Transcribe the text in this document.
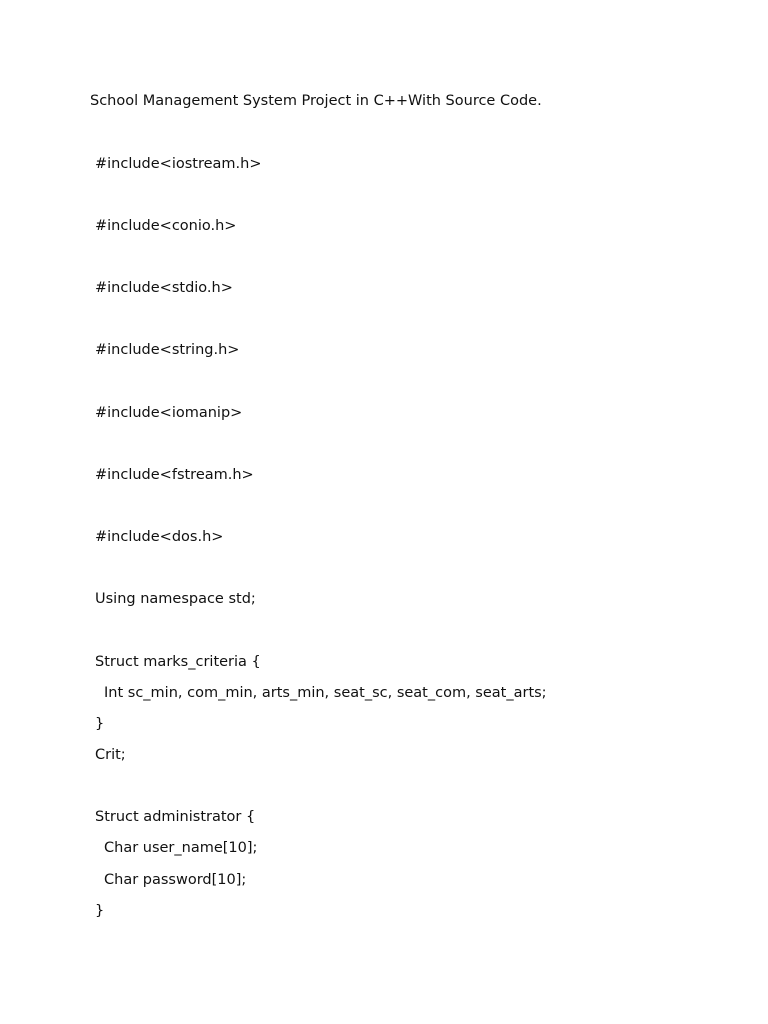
School Management System Project in C++With Source Code.

#include<iostream.h>

#include<conio.h>

#include<stdio.h>

#include<string.h>

#include<iomanip>

#include<fstream.h>

#include<dos.h>

Using namespace std;

Struct marks_criteria {

Int sc_min, com_min, arts_min, seat_sc, seat_com, seat_arts;

}

Crit;

Struct administrator {

Char user_name[10];

Char password[10];

}
